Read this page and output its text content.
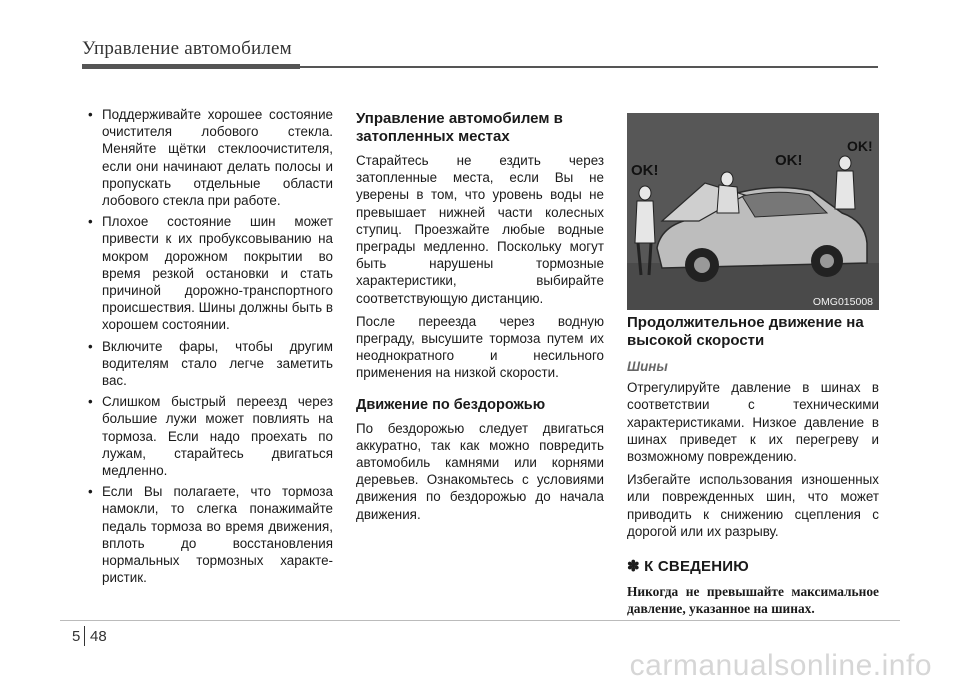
Управление автомобилем
• Поддерживайте хорошее состояние очистителя лобового стекла. Меняйте щётки стеклоочистителя, если они начинают делать полосы и пропускать отдельные области лобового стекла при работе.
• Плохое состояние шин может привести к их пробуксовыванию на мокром дорожном покрытии во время резкой остановки и стать причиной дорожно-транспортного происшествия. Шины должны быть в хорошем состоянии.
• Включите фары, чтобы другим водителям стало легче заметить вас.
• Слишком быстрый переезд через большие лужи может повлиять на тормоза. Если надо проехать по лужам, старайтесь двигаться медленно.
• Если Вы полагаете, что тормоза намокли, то слегка понажимайте педаль тормоза во время движения, вплоть до восстановления нормальных тормозных характе-ристик.
Управление автомобилем в затопленных местах

Старайтесь не ездить через затопленные места, если Вы не уверены в том, что уровень воды не превышает нижней части колесных ступиц. Проезжайте любые водные преграды медленно. Поскольку могут быть нарушены тормозные характеристики, выбирайте соответствующую дистанцию.

После переезда через водную преграду, высушите тормоза путем их неоднократного и несильного применения на низкой скорости.

Движение по бездорожью

По бездорожью следует двигаться аккуратно, так как можно повредить автомобиль камнями или корнями деревьев. Ознакомьтесь с условиями движения по бездорожью до начала движения.

OK!
OK!
OK!
OMG015008
Продолжительное движение на высокой скорости
Шины

Отрегулируйте давление в шинах в соответствии с техническими характеристиками. Низкое давление в шинах приведет к их перегреву и возможному повреждению.

Избегайте использования изношенных или поврежденных шин, что может приводить к снижению сцепления с дорогой или их разрыву.

✽ К СВЕДЕНИЮ
Никогда не превышайте максимальное давление, указанное на шинах.
5 48
carmanualsonline.info
